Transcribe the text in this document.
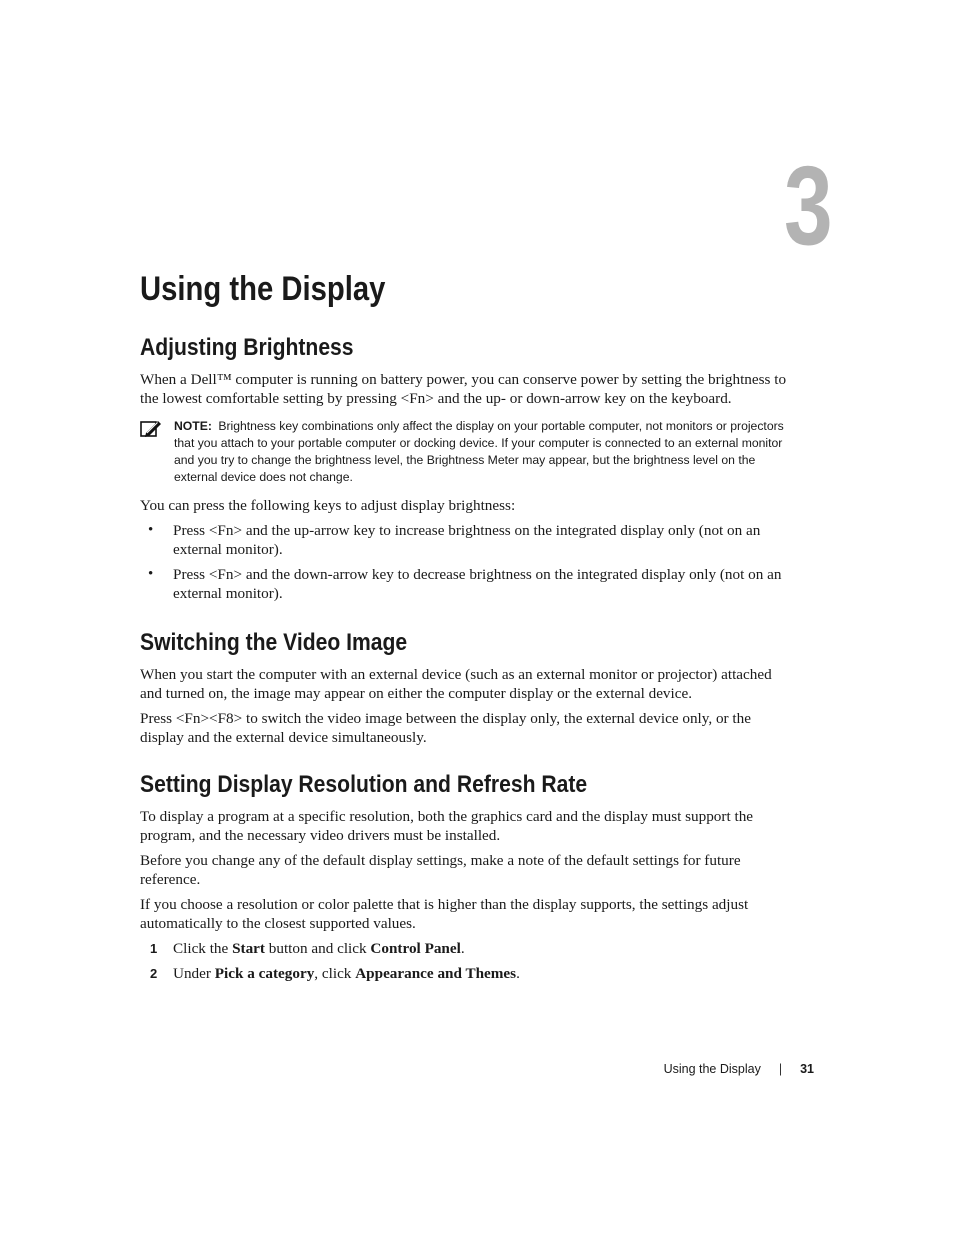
3
Using the Display
Adjusting Brightness

When a Dell™ computer is running on battery power, you can conserve power by setting the brightness to the lowest comfortable setting by pressing <Fn> and the up- or down-arrow key on the keyboard.

NOTE: Brightness key combinations only affect the display on your portable computer, not monitors or projectors that you attach to your portable computer or docking device. If your computer is connected to an external monitor and you try to change the brightness level, the Brightness Meter may appear, but the brightness level on the external device does not change.

You can press the following keys to adjust display brightness:

•	Press <Fn> and the up-arrow key to increase brightness on the integrated display only (not on an external monitor).
•	Press <Fn> and the down-arrow key to decrease brightness on the integrated display only (not on an external monitor).
Switching the Video Image

When you start the computer with an external device (such as an external monitor or projector) attached and turned on, the image may appear on either the computer display or the external device.

Press <Fn><F8> to switch the video image between the display only, the external device only, or the display and the external device simultaneously.

Setting Display Resolution and Refresh Rate

To display a program at a specific resolution, both the graphics card and the display must support the program, and the necessary video drivers must be installed.

Before you change any of the default display settings, make a note of the default settings for future reference.

If you choose a resolution or color palette that is higher than the display supports, the settings adjust automatically to the closest supported values.

1	Click the Start button and click Control Panel.
2	Under Pick a category, click Appearance and Themes.
Using the Display | 31
